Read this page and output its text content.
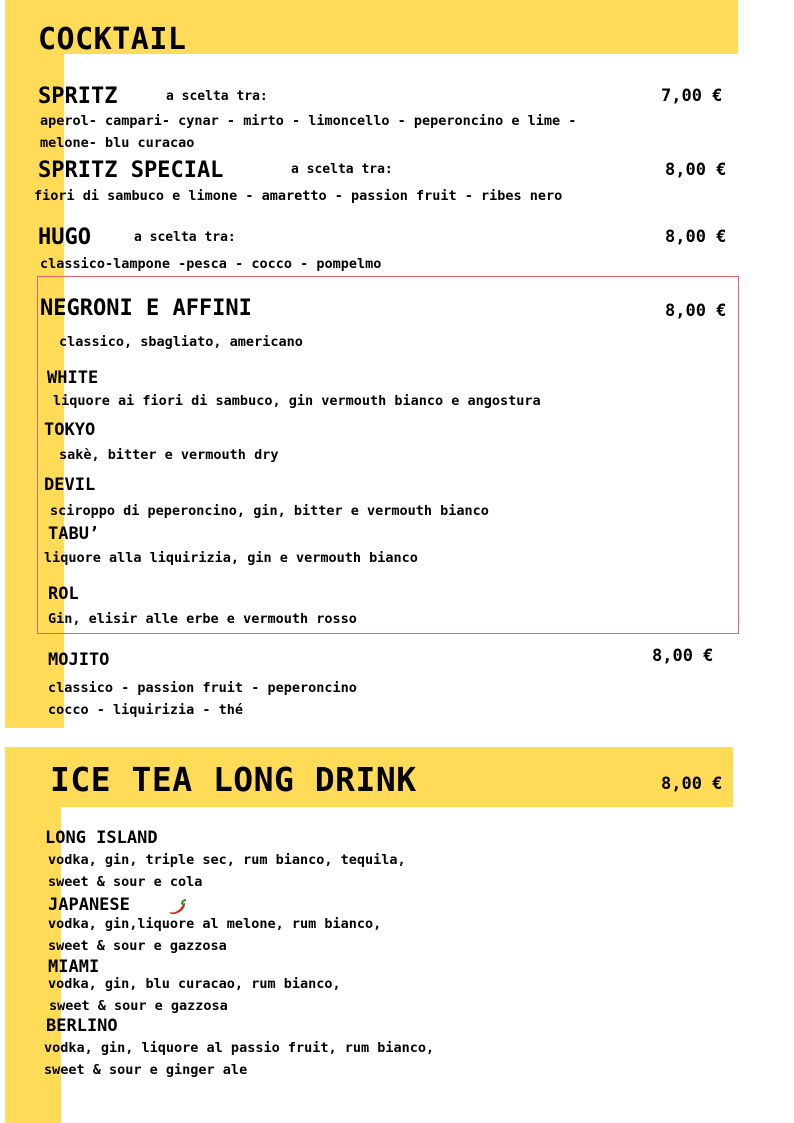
COCKTAIL
SPRITZ	a scelta tra:	7,00 €
aperol- campari- cynar - mirto - limoncello - peperoncino e lime -
melone- blu curacao
SPRITZ SPECIAL	a scelta tra:	8,00 €
fiori di sambuco e limone - amaretto - passion fruit - ribes nero
HUGO	a scelta tra:	8,00 €
classico-lampone -pesca - cocco - pompelmo
NEGRONI E AFFINI	8,00 €
classico, sbagliato, americano
WHITE
liquore ai fiori di sambuco, gin vermouth bianco e angostura
TOKYO
sakè, bitter e vermouth dry
DEVIL
sciroppo di peperoncino, gin, bitter e vermouth bianco
TABU’
liquore alla liquirizia, gin e vermouth bianco
ROL
Gin, elisir alle erbe e vermouth rosso
MOJITO	8,00 €
classico - passion fruit - peperoncino
cocco - liquirizia - thé
ICE TEA LONG DRINK	8,00 €
LONG ISLAND
vodka, gin, triple sec, rum bianco, tequila,
sweet & sour e cola
JAPANESE
vodka, gin,liquore al melone, rum bianco,
sweet & sour e gazzosa
MIAMI
vodka, gin, blu curacao, rum bianco,
sweet & sour e gazzosa
BERLINO
vodka, gin, liquore al passio fruit, rum bianco,
sweet & sour e ginger ale
